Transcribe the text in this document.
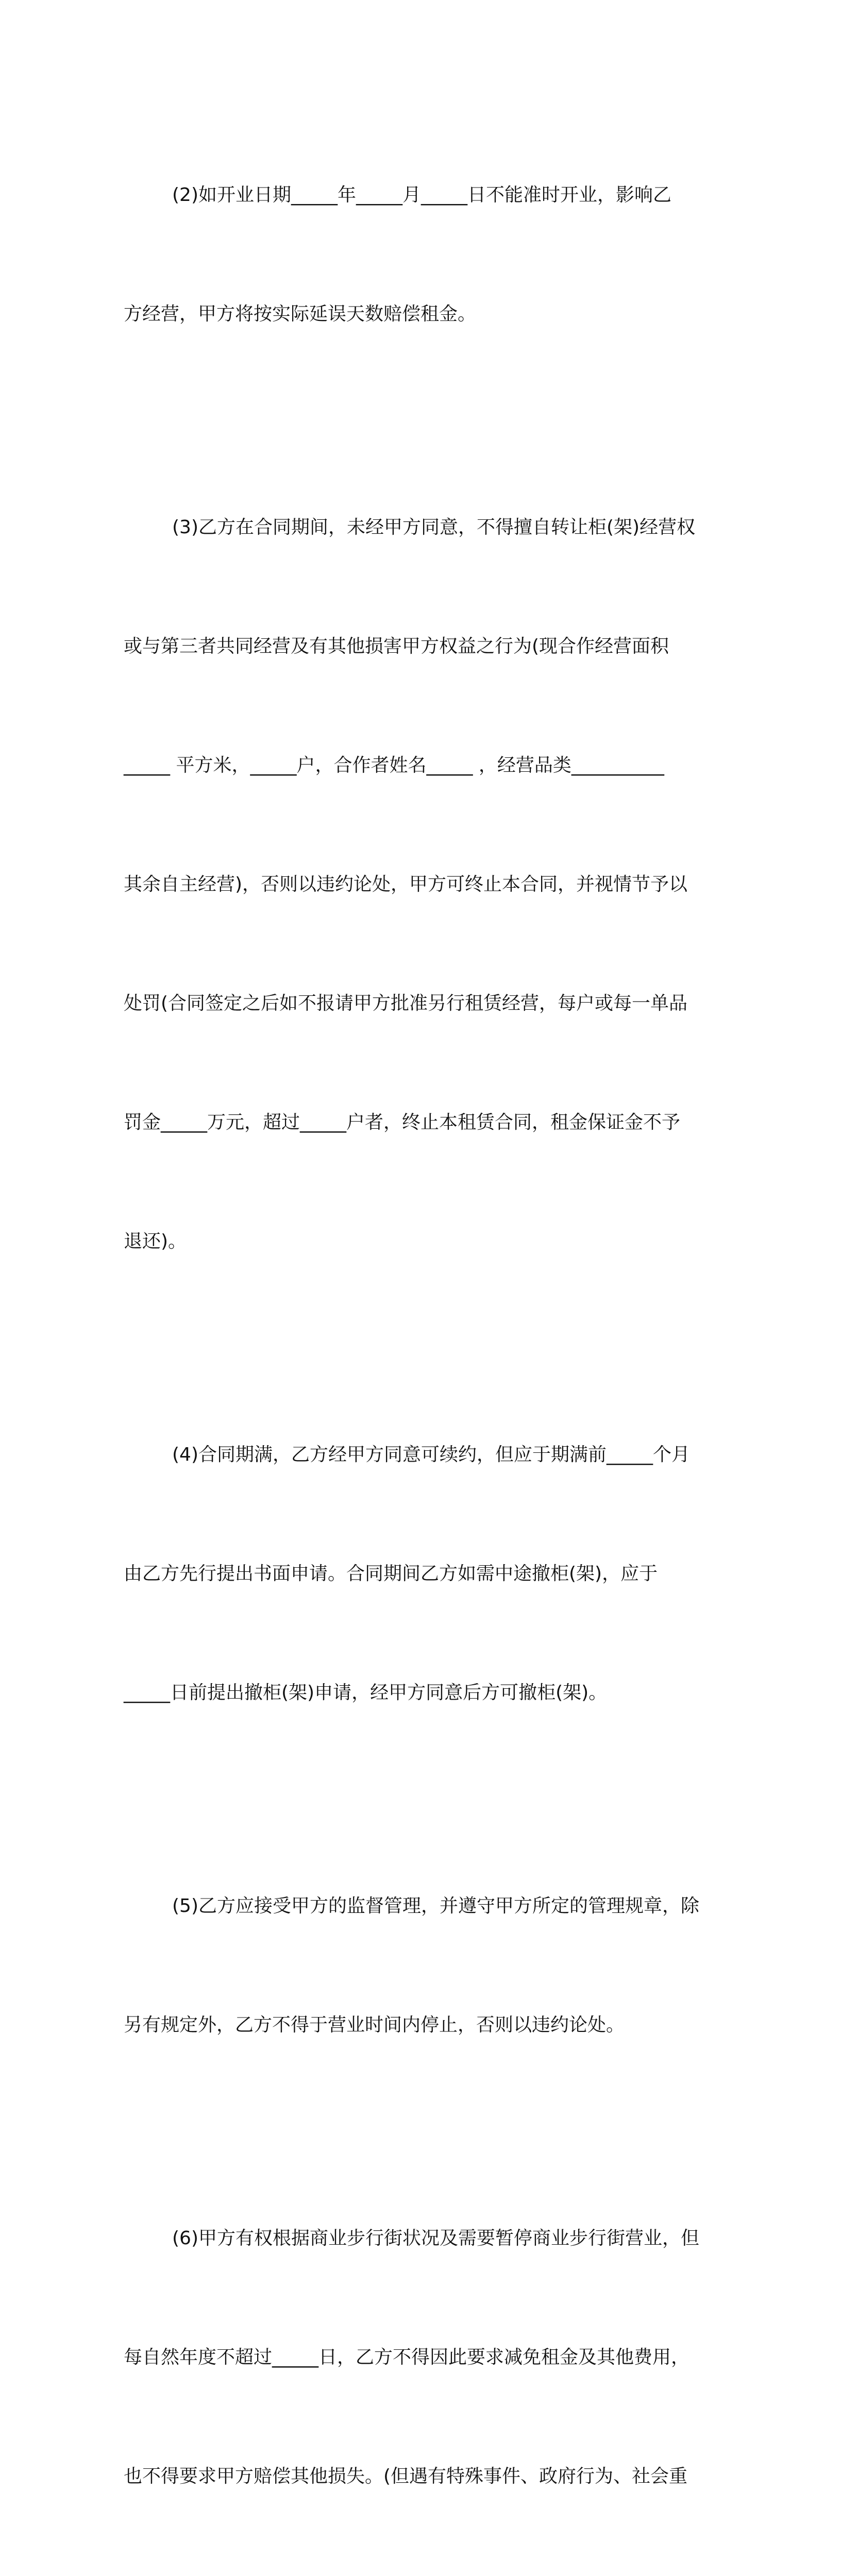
(2)如开业日期_____年_____月_____日不能准时开业，影响乙

方经营，甲方将按实际延误天数赔偿租金。

(3)乙方在合同期间，未经甲方同意，不得擅自转让柜(架)经营权

或与第三者共同经营及有其他损害甲方权益之行为(现合作经营面积

_____ 平方米，_____户，合作者姓名_____ ，经营品类__________

其余自主经营)，否则以违约论处，甲方可终止本合同，并视情节予以

处罚(合同签定之后如不报请甲方批准另行租赁经营，每户或每一单品

罚金_____万元，超过_____户者，终止本租赁合同，租金保证金不予

退还)。

(4)合同期满，乙方经甲方同意可续约，但应于期满前_____个月

由乙方先行提出书面申请。合同期间乙方如需中途撤柜(架)，应于

_____日前提出撤柜(架)申请，经甲方同意后方可撤柜(架)。

(5)乙方应接受甲方的监督管理，并遵守甲方所定的管理规章，除

另有规定外，乙方不得于营业时间内停止，否则以违约论处。

(6)甲方有权根据商业步行街状况及需要暂停商业步行街营业，但

每自然年度不超过_____日，乙方不得因此要求减免租金及其他费用，

也不得要求甲方赔偿其他损失。(但遇有特殊事件、政府行为、社会重
